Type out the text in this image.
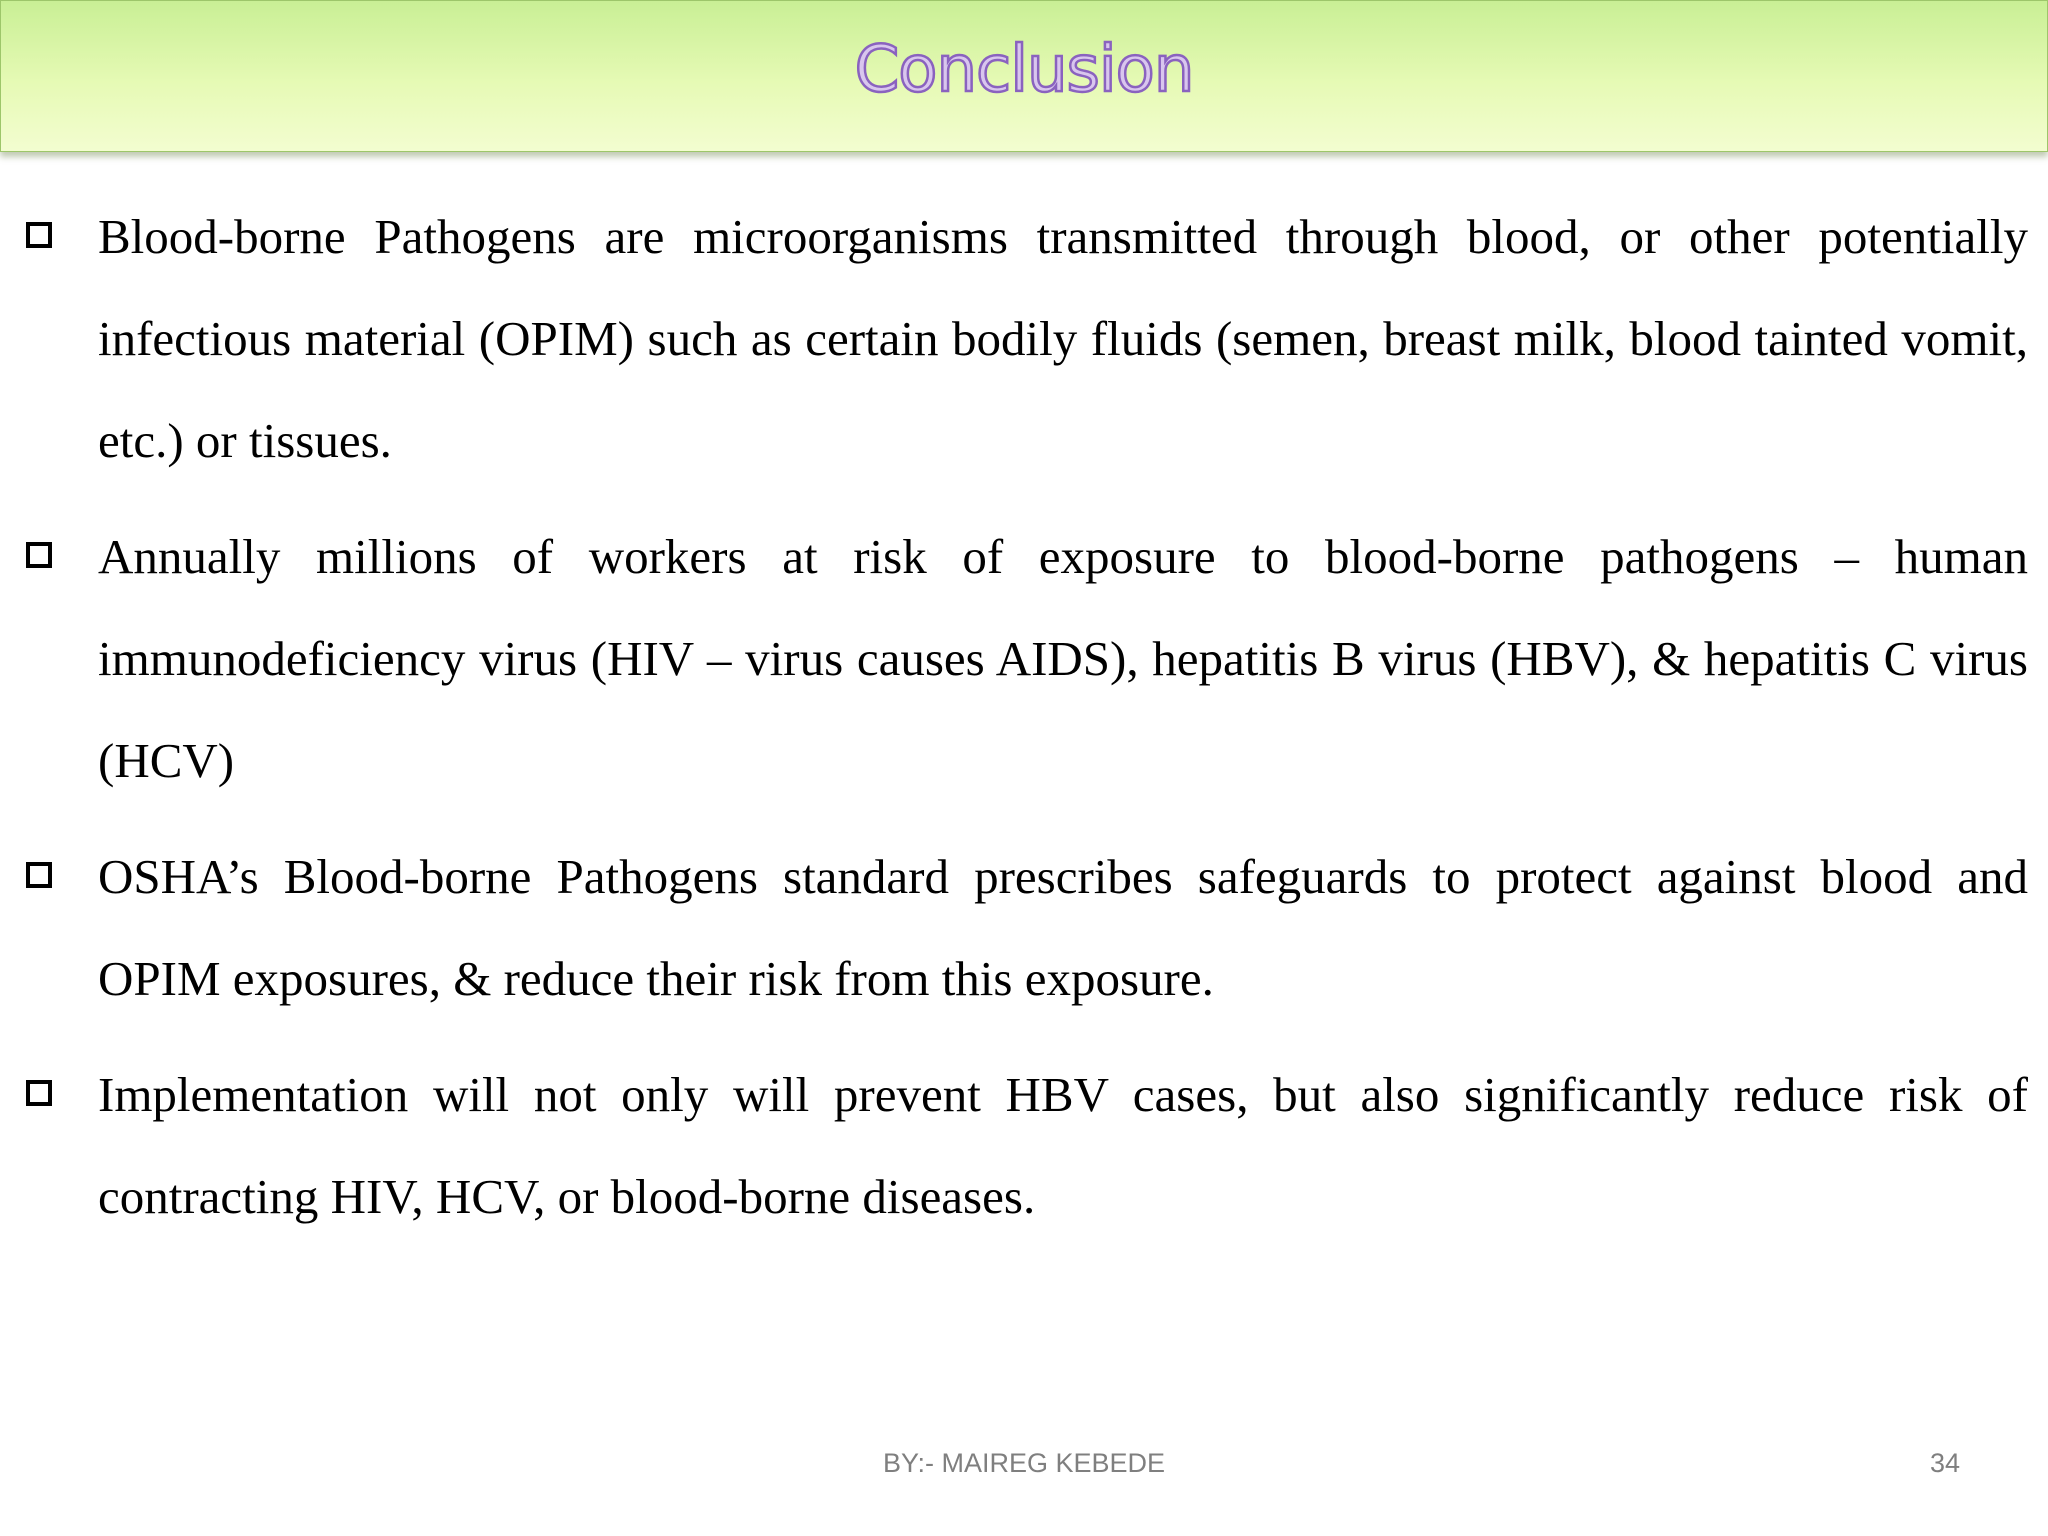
Conclusion
Blood-borne Pathogens are microorganisms transmitted through blood, or other potentially infectious material (OPIM) such as certain bodily fluids (semen, breast milk, blood tainted vomit, etc.) or tissues.
Annually millions of workers at risk of exposure to blood-borne pathogens – human immunodeficiency virus (HIV – virus causes AIDS), hepatitis B virus (HBV), & hepatitis C virus (HCV)
OSHA’s Blood-borne Pathogens standard prescribes safeguards to protect against blood and OPIM exposures, & reduce their risk from this exposure.
Implementation will not only will prevent HBV cases, but also significantly reduce risk of contracting HIV, HCV, or blood-borne diseases.
BY:- MAIREG KEBEDE	34
